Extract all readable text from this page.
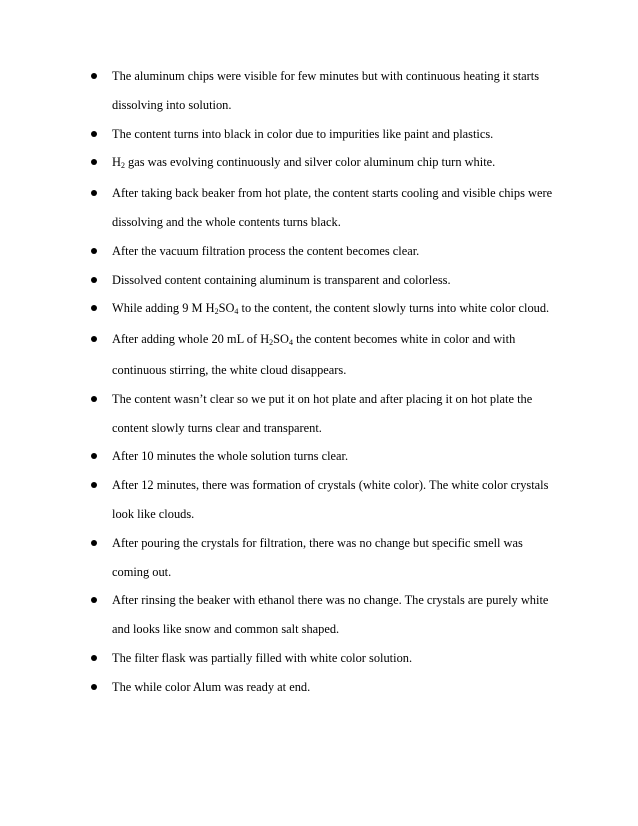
The aluminum chips were visible for few minutes but with continuous heating it starts
dissolving into solution.
The content turns into black in color due to impurities like paint and plastics.
$H_2$ gas was evolving continuously and silver color aluminum chip turn white.
After taking back beaker from hot plate, the content starts cooling and visible chips were
dissolving and the whole contents turns black.
After the vacuum filtration process the content becomes clear.
Dissolved content containing aluminum is transparent and colorless.
While adding 9 M $H_2SO_4$ to the content, the content slowly turns into white color cloud.
After adding whole 20 mL of $H_2SO_4$ the content becomes white in color and with
continuous stirring, the white cloud disappears.
The content wasn’t clear so we put it on hot plate and after placing it on hot plate the
content slowly turns clear and transparent.
After 10 minutes the whole solution turns clear.
After 12 minutes, there was formation of crystals (white color). The white color crystals
look like clouds.
After pouring the crystals for filtration, there was no change but specific smell was
coming out.
After rinsing the beaker with ethanol there was no change. The crystals are purely white
and looks like snow and common salt shaped.
The filter flask was partially filled with white color solution.
The while color Alum was ready at end.
